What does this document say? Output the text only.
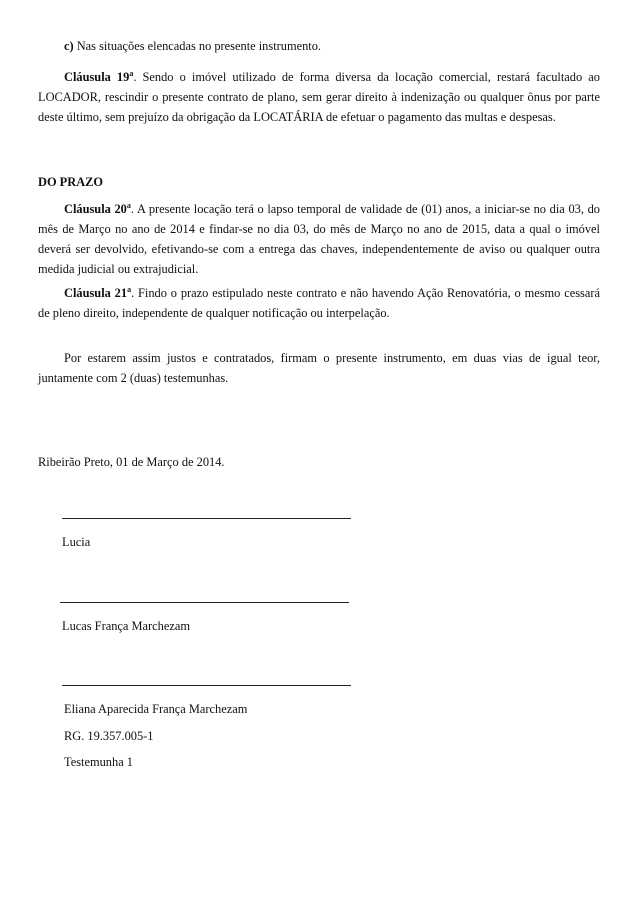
c) Nas situações elencadas no presente instrumento.

Cláusula 19$^a$. Sendo o imóvel utilizado de forma diversa da locação comercial, restará facultado ao LOCADOR, rescindir o presente contrato de plano, sem gerar direito à indenização ou qualquer ônus por parte deste último, sem prejuízo da obrigação da LOCATÁRIA de efetuar o pagamento das multas e despesas.

DO PRAZO

Cláusula 20$^a$. A presente locação terá o lapso temporal de validade de (01) anos, a iniciar-se no dia 03, do mês de Março no ano de 2014 e findar-se no dia 03, do mês de Março no ano de 2015, data a qual o imóvel deverá ser devolvido, efetivando-se com a entrega das chaves, independentemente de aviso ou qualquer outra medida judicial ou extrajudicial.

Cláusula 21$^a$. Findo o prazo estipulado neste contrato e não havendo Ação Renovatória, o mesmo cessará de pleno direito, independente de qualquer notificação ou interpelação.

Por estarem assim justos e contratados, firmam o presente instrumento, em duas vias de igual teor, juntamente com 2 (duas) testemunhas.

Ribeirão Preto, 01 de Março de 2014.

Lucia

Lucas França Marchezam

Eliana Aparecida França Marchezam

RG. 19.357.005-1

Testemunha 1
